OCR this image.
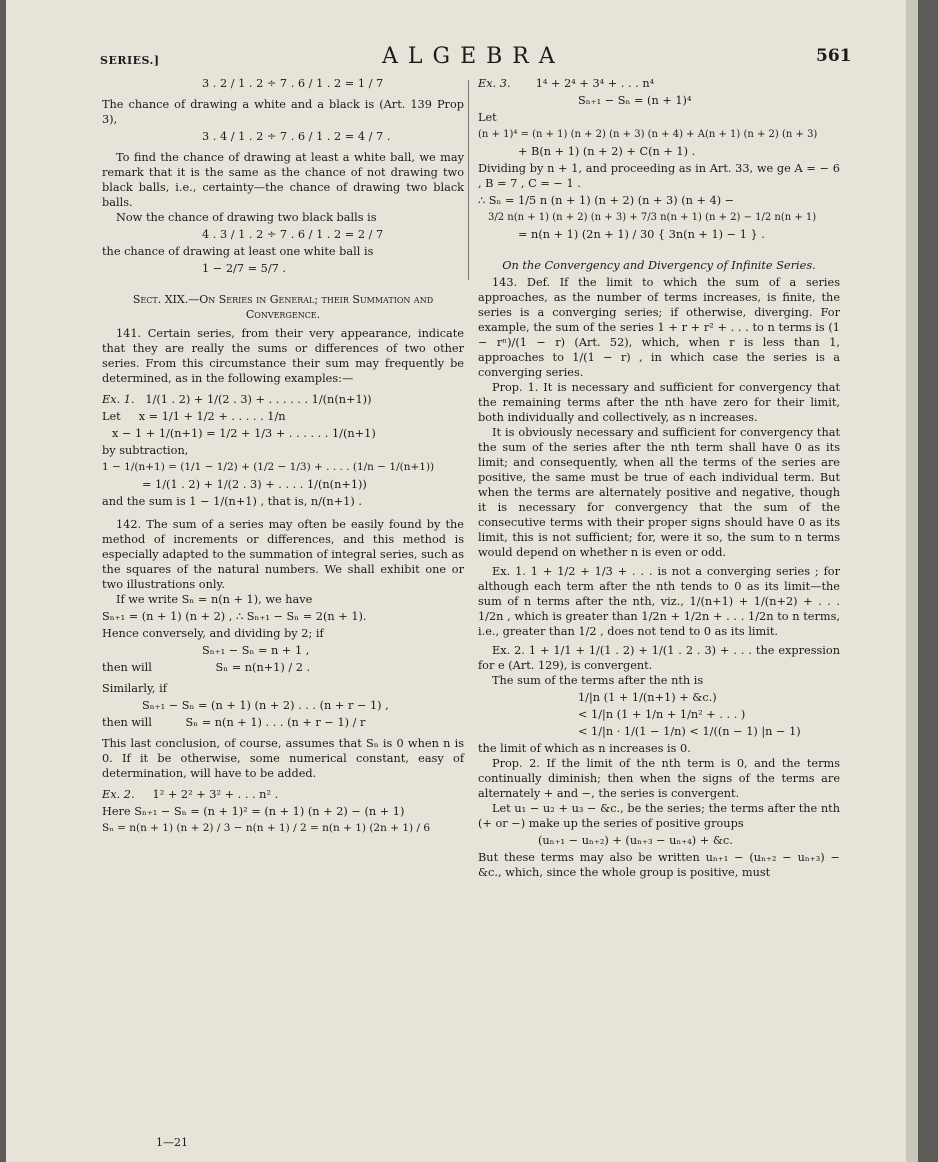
SERIES.]	ALGEBRA	561
3 . 2 / 1 . 2 ÷ 7 . 6 / 1 . 2 = 1 / 7

The chance of drawing a white and a black is (Art. 139 Prop 3),

3 . 4 / 1 . 2 ÷ 7 . 6 / 1 . 2 = 4 / 7 .

To find the chance of drawing at least a white ball, we may remark that it is the same as the chance of not drawing two black balls, i.e., certainty—the chance of drawing two black balls.

Now the chance of drawing two black balls is

4 . 3 / 1 . 2 ÷ 7 . 6 / 1 . 2 = 2 / 7

the chance of drawing at least one white ball is

1 − 2/7 = 5/7 .
Sect. XIX.—On Series in General; their Summation and Convergence.

141. Certain series, from their very appearance, indicate that they are really the sums or differences of two other series. From this circumstance their sum may frequently be determined, as in the following examples:—

Ex. 1. 1/(1 . 2) + 1/(2 . 3) + . . . . . . 1/(n(n+1))
Let x = 1/1 + 1/2 + . . . . . 1/n
x − 1 + 1/(n+1) = 1/2 + 1/3 + . . . . . . 1/(n+1)
by subtraction,
1 − 1/(n+1) = (1/1 − 1/2) + (1/2 − 1/3) + . . . . (1/n − 1/(n+1))
= 1/(1 . 2) + 1/(2 . 3) + . . . . 1/(n(n+1))
and the sum is 1 − 1/(n+1) , that is, n/(n+1) .

142. The sum of a series may often be easily found by the method of increments or differences, and this method is especially adapted to the summation of integral series, such as the squares of the natural numbers. We shall exhibit one or two illustrations only.

If we write Sₙ = n(n + 1), we have

Sₙ₊₁ = (n + 1) (n + 2) , ∴ Sₙ₊₁ − Sₙ = 2(n + 1).
Hence conversely, and dividing by 2; if
Sₙ₊₁ − Sₙ = n + 1 ,
then will	Sₙ = n(n+1) / 2 .
Similarly, if
Sₙ₊₁ − Sₙ = (n + 1) (n + 2) . . . (n + r − 1) ,
then will	Sₙ = n(n + 1) . . . (n + r − 1) / r

This last conclusion, of course, assumes that Sₙ is 0 when n is 0. If it be otherwise, some numerical constant, easy of determination, will have to be added.

Ex. 2. 1² + 2² + 3² + . . . n² .
Here Sₙ₊₁ − Sₙ = (n + 1)² = (n + 1) (n + 2) − (n + 1)
Sₙ = n(n + 1) (n + 2) / 3 − n(n + 1) / 2 = n(n + 1) (2n + 1) / 6
Ex. 3. 1⁴ + 2⁴ + 3⁴ + . . . n⁴
Sₙ₊₁ − Sₙ = (n + 1)⁴
Let
(n + 1)⁴ = (n + 1) (n + 2) (n + 3) (n + 4) + A(n + 1) (n + 2) (n + 3)
+ B(n + 1) (n + 2) + C(n + 1) .

Dividing by n + 1, and proceeding as in Art. 33, we ge A = − 6 , B = 7 , C = − 1 .

∴ Sₙ = 1/5 n (n + 1) (n + 2) (n + 3) (n + 4) −
3/2 n(n + 1) (n + 2) (n + 3) + 7/3 n(n + 1) (n + 2) − 1/2 n(n + 1)
= n(n + 1) (2n + 1) / 30 { 3n(n + 1) − 1 } .
On the Convergency and Divergency of Infinite Series.

143. Def. If the limit to which the sum of a series approaches, as the number of terms increases, is finite, the series is a converging series; if otherwise, diverging. For example, the sum of the series 1 + r + r² + . . . to n terms is (1 − rⁿ)/(1 − r) (Art. 52), which, when r is less than 1, approaches to 1/(1 − r) , in which case the series is a converging series.

Prop. 1. It is necessary and sufficient for convergency that the remaining terms after the nth have zero for their limit, both individually and collectively, as n increases.

It is obviously necessary and sufficient for convergency that the sum of the series after the nth term shall have 0 as its limit; and consequently, when all the terms of the series are positive, the same must be true of each individual term. But when the terms are alternately positive and negative, though it is necessary for convergency that the sum of the consecutive terms with their proper signs should have 0 as its limit, this is not sufficient; for, were it so, the sum to n terms would depend on whether n is even or odd.

Ex. 1. 1 + 1/2 + 1/3 + . . . is not a converging series ; for although each term after the nth tends to 0 as its limit—the sum of n terms after the nth, viz., 1/(n+1) + 1/(n+2) + . . . 1/2n , which is greater than 1/2n + 1/2n + . . . 1/2n to n terms, i.e., greater than 1/2 , does not tend to 0 as its limit.

Ex. 2. 1 + 1/1 + 1/(1 . 2) + 1/(1 . 2 . 3) + . . . the expression for e (Art. 129), is convergent.

The sum of the terms after the nth is

1/|n (1 + 1/(n+1) + &c.)
< 1/|n (1 + 1/n + 1/n² + . . . )
< 1/|n · 1/(1 − 1/n) < 1/((n − 1) |n − 1)

the limit of which as n increases is 0.

Prop. 2. If the limit of the nth term is 0, and the terms continually diminish; then when the signs of the terms are alternately + and −, the series is convergent.

Let u₁ − u₂ + u₃ − &c., be the series; the terms after the nth (+ or −) make up the series of positive groups

(uₙ₊₁ − uₙ₊₂) + (uₙ₊₃ − uₙ₊₄) + &c.

But these terms may also be written uₙ₊₁ − (uₙ₊₂ − uₙ₊₃) − &c., which, since the whole group is positive, must

1—21
